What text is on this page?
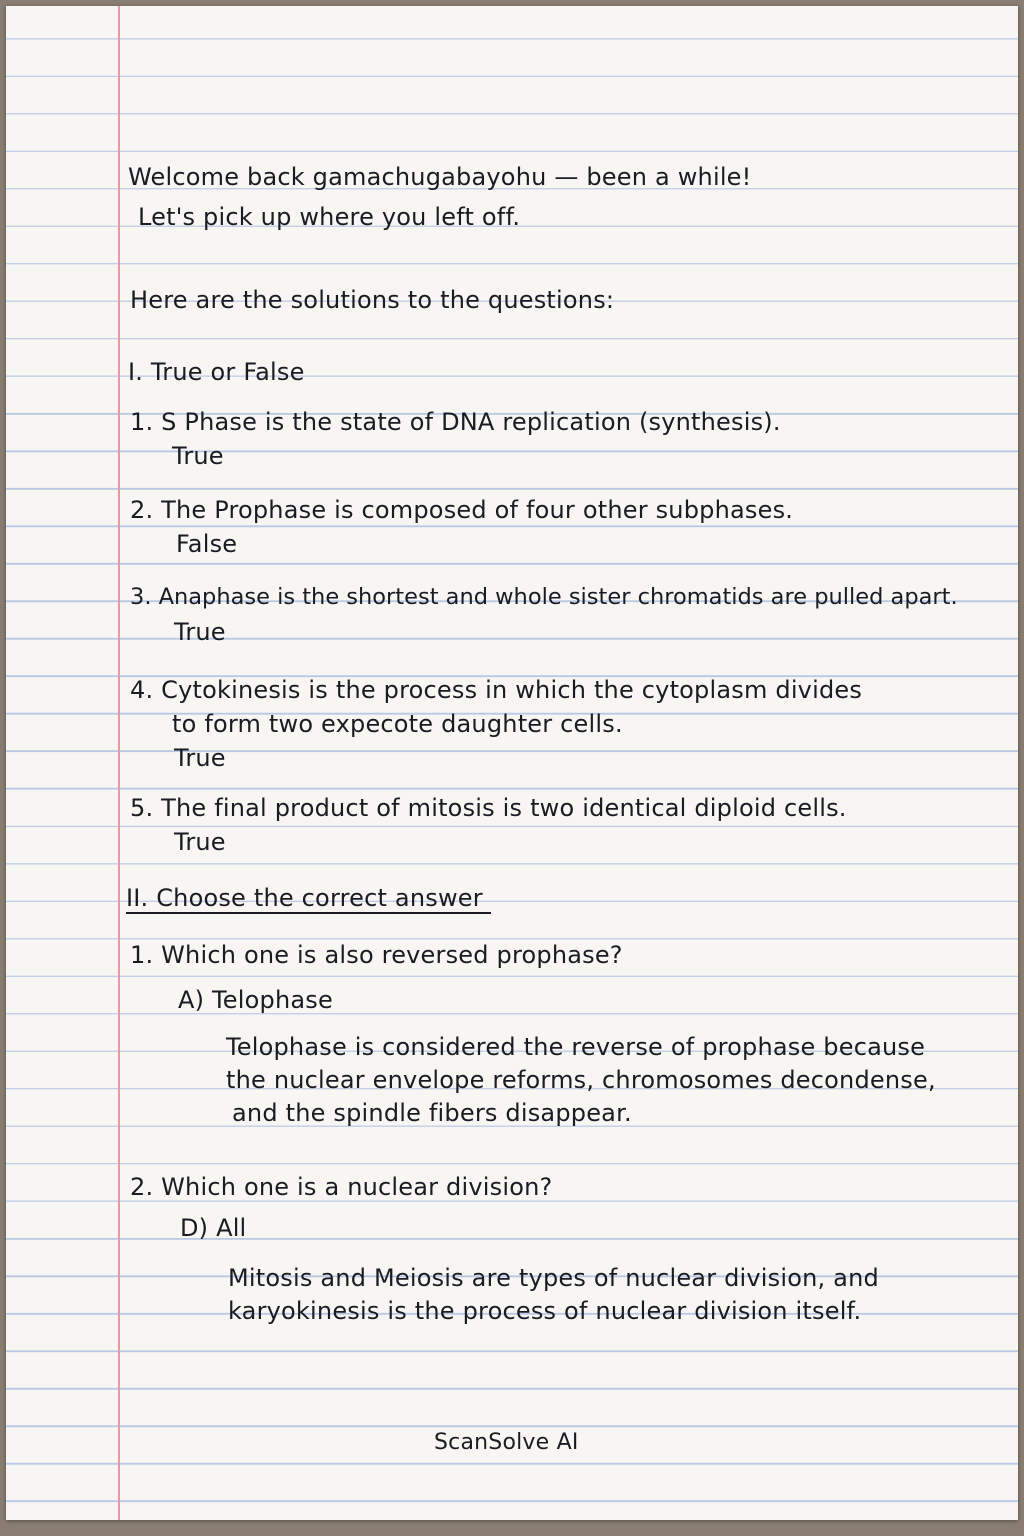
Welcome back gamachugabayohu — been a while!
Let's pick up where you left off.
Here are the solutions to the questions:
I. True or False
1. S Phase is the state of DNA replication (synthesis).
True
2. The Prophase is composed of four other subphases.
False
3. Anaphase is the shortest and whole sister chromatids are pulled apart.
True
4. Cytokinesis is the process in which the cytoplasm divides
to form two expecote daughter cells.
True
5. The final product of mitosis is two identical diploid cells.
True
II. Choose the correct answer
1. Which one is also reversed prophase?
A) Telophase
Telophase is considered the reverse of prophase because
the nuclear envelope reforms, chromosomes decondense,
and the spindle fibers disappear.
2. Which one is a nuclear division?
D) All
Mitosis and Meiosis are types of nuclear division, and
karyokinesis is the process of nuclear division itself.
ScanSolve AI
